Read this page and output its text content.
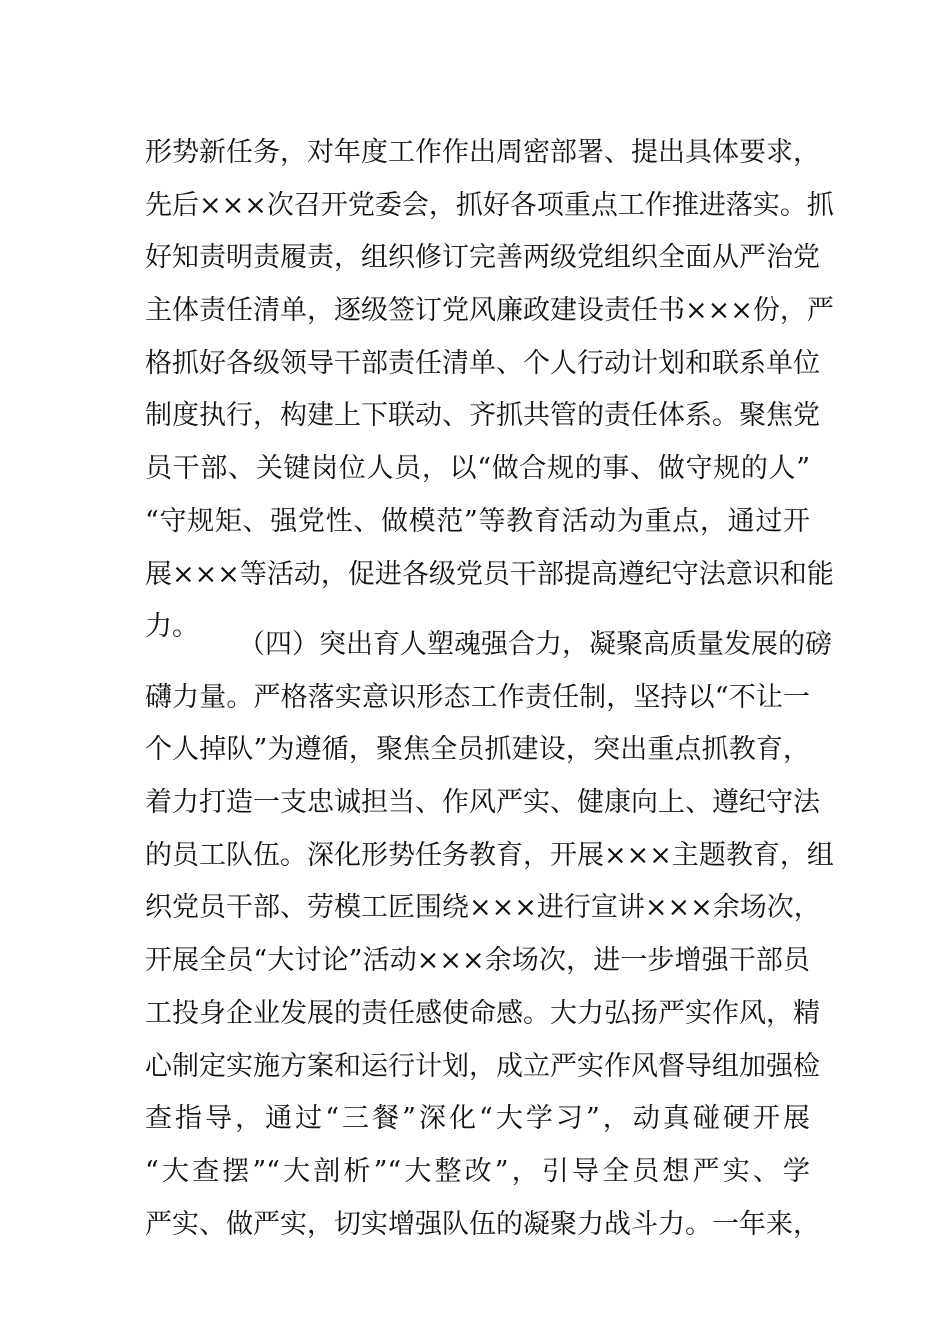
形势新任务，对年度工作作出周密部署、提出具体要求，
先后×××次召开党委会，抓好各项重点工作推进落实。抓
好知责明责履责，组织修订完善两级党组织全面从严治党
主体责任清单，逐级签订党风廉政建设责任书×××份，严
格抓好各级领导干部责任清单、个人行动计划和联系单位
制度执行，构建上下联动、齐抓共管的责任体系。聚焦党
员干部、关键岗位人员，以“做合规的事、做守规的人”
“守规矩、强党性、做模范”等教育活动为重点，通过开
展×××等活动，促进各级党员干部提高遵纪守法意识和能
力。
（四）突出育人塑魂强合力，凝聚高质量发展的磅
礴力量。严格落实意识形态工作责任制，坚持以“不让一
个人掉队”为遵循，聚焦全员抓建设，突出重点抓教育，
着力打造一支忠诚担当、作风严实、健康向上、遵纪守法
的员工队伍。深化形势任务教育，开展×××主题教育，组
织党员干部、劳模工匠围绕×××进行宣讲×××余场次，
开展全员“大讨论”活动×××余场次，进一步增强干部员
工投身企业发展的责任感使命感。大力弘扬严实作风，精
心制定实施方案和运行计划，成立严实作风督导组加强检
查指导，通过“三餐”深化“大学习”，动真碰硬开展
“大查摆”“大剖析”“大整改”，引导全员想严实、学
严实、做严实，切实增强队伍的凝聚力战斗力。一年来，
